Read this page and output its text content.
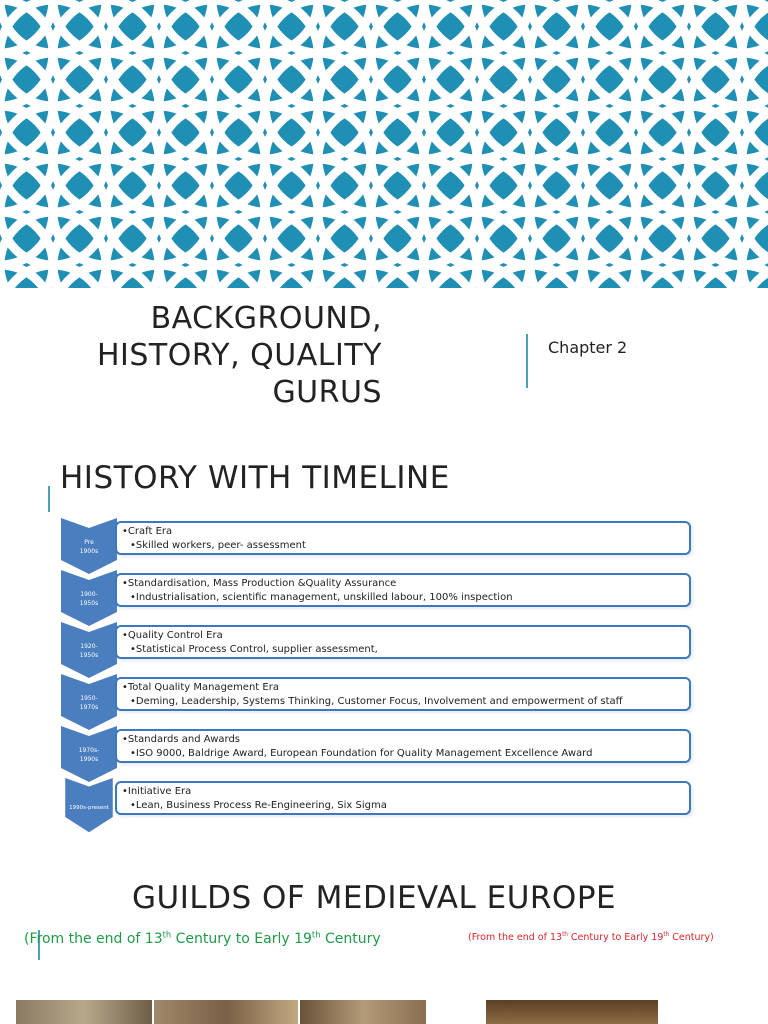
BACKGROUND,
HISTORY, QUALITY
GURUS
Chapter 2
HISTORY WITH TIMELINE
Pre
1900s
•Craft Era
•Skilled workers, peer- assessment
1900-
1950s
•Standardisation, Mass Production &Quality Assurance
•Industrialisation, scientific management, unskilled labour, 100% inspection
1920-
1950s
•Quality Control Era
•Statistical Process Control, supplier assessment,
1950-
1970s
•Total Quality Management Era
•Deming, Leadership, Systems Thinking, Customer Focus, Involvement and empowerment of staff
1970s-
1990s
•Standards and Awards
•ISO 9000, Baldrige Award, European Foundation for Quality Management Excellence Award
1990s-present
•Initiative Era
•Lean, Business Process Re-Engineering, Six Sigma
GUILDS OF MEDIEVAL EUROPE
(From the end of 13th Century to Early 19th Century	(From the end of 13th Century to Early 19th Century)
